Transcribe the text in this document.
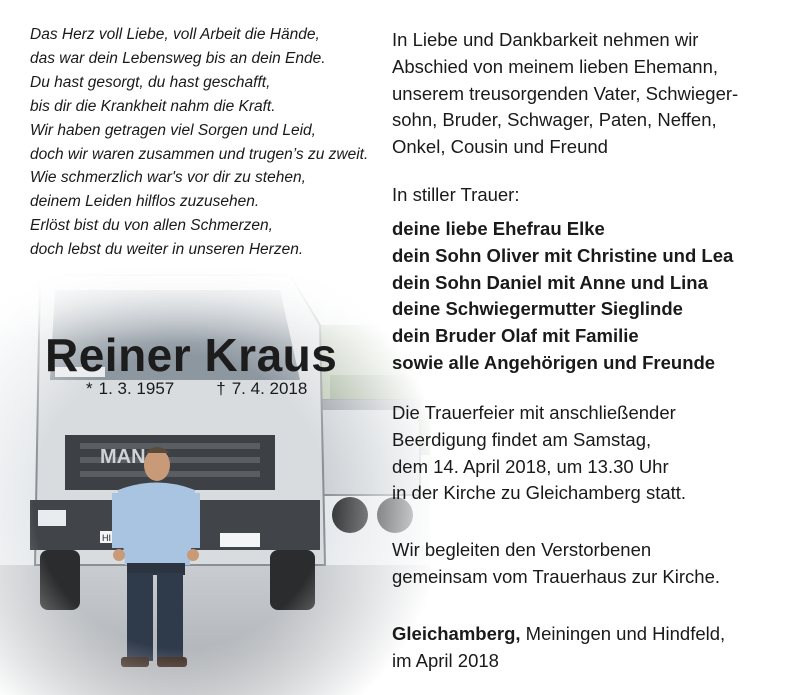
Das Herz voll Liebe, voll Arbeit die Hände,
das war dein Lebensweg bis an dein Ende.
Du hast gesorgt, du hast geschafft,
bis dir die Krankheit nahm die Kraft.
Wir haben getragen viel Sorgen und Leid,
doch wir waren zusammen und trugen’s zu zweit.
Wie schmerzlich war's vor dir zu stehen,
deinem Leiden hilflos zuzusehen.
Erlöst bist du von allen Schmerzen,
doch lebst du weiter in unseren Herzen.
Reiner Kraus
* 1. 3. 1957 † 7. 4. 2018
In Liebe und Dankbarkeit nehmen wir
Abschied von meinem lieben Ehemann,
unserem treusorgenden Vater, Schwieger-
sohn, Bruder, Schwager, Paten, Neffen,
Onkel, Cousin und Freund
In stiller Trauer:
deine liebe Ehefrau Elke
dein Sohn Oliver mit Christine und Lea
dein Sohn Daniel mit Anne und Lina
deine Schwiegermutter Sieglinde
dein Bruder Olaf mit Familie
sowie alle Angehörigen und Freunde
Die Trauerfeier mit anschließender
Beerdigung findet am Samstag,
dem 14. April 2018, um 13.30 Uhr
in der Kirche zu Gleichamberg statt.
Wir begleiten den Verstorbenen
gemeinsam vom Trauerhaus zur Kirche.
Gleichamberg, Meiningen und Hindfeld,
im April 2018
